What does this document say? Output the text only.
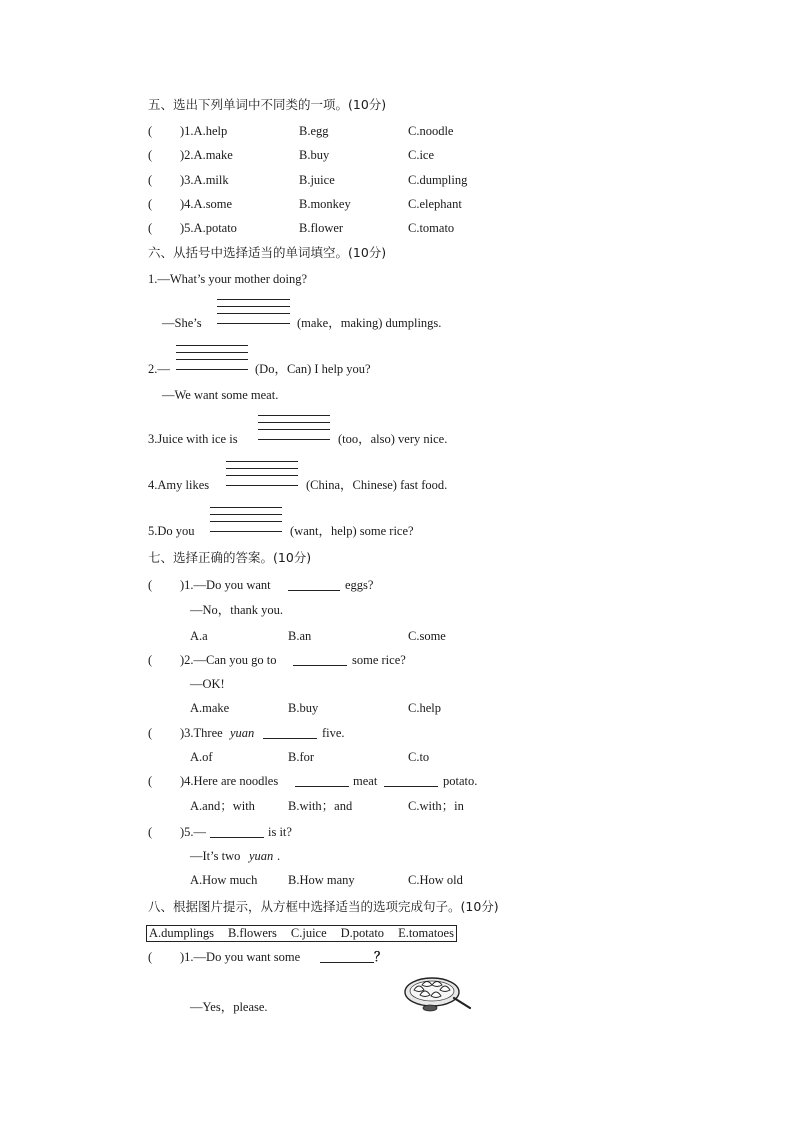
五、选出下列单词中不同类的一项。(10分)
( )1.A.help	B.egg	C.noodle
( )2.A.make	B.buy	C.ice
( )3.A.milk	B.juice	C.dumpling
( )4.A.some	B.monkey	C.elephant
( )5.A.potato	B.flower	C.tomato
六、从括号中选择适当的单词填空。(10分)
1.—What’s your mother doing?
—She’s	(make，making) dumplings.
2.—	(Do，Can) I help you?
—We want some meat.
3.Juice with ice is	(too，also) very nice.
4.Amy likes	(China，Chinese) fast food.
5.Do you	(want，help) some rice?
七、选择正确的答案。(10分)
( )1.—Do you want	eggs?
—No，thank you.
A.a	B.an	C.some
( )2.—Can you go to	some rice?
—OK!
A.make	B.buy	C.help
( )3.Three yuan	five.
A.of	B.for	C.to
( )4.Here are noodles	meat	potato.
A.and；with	B.with；and	C.with；in
( )5.—	is it?
—It’s two yuan .
A.How much B.How many	C.How old
八、根据图片提示，从方框中选择适当的选项完成句子。(10分)
A.dumplings B.flowers C.juice D.potato E.tomatoes
( )1.—Do you want some	？
—Yes，please.
